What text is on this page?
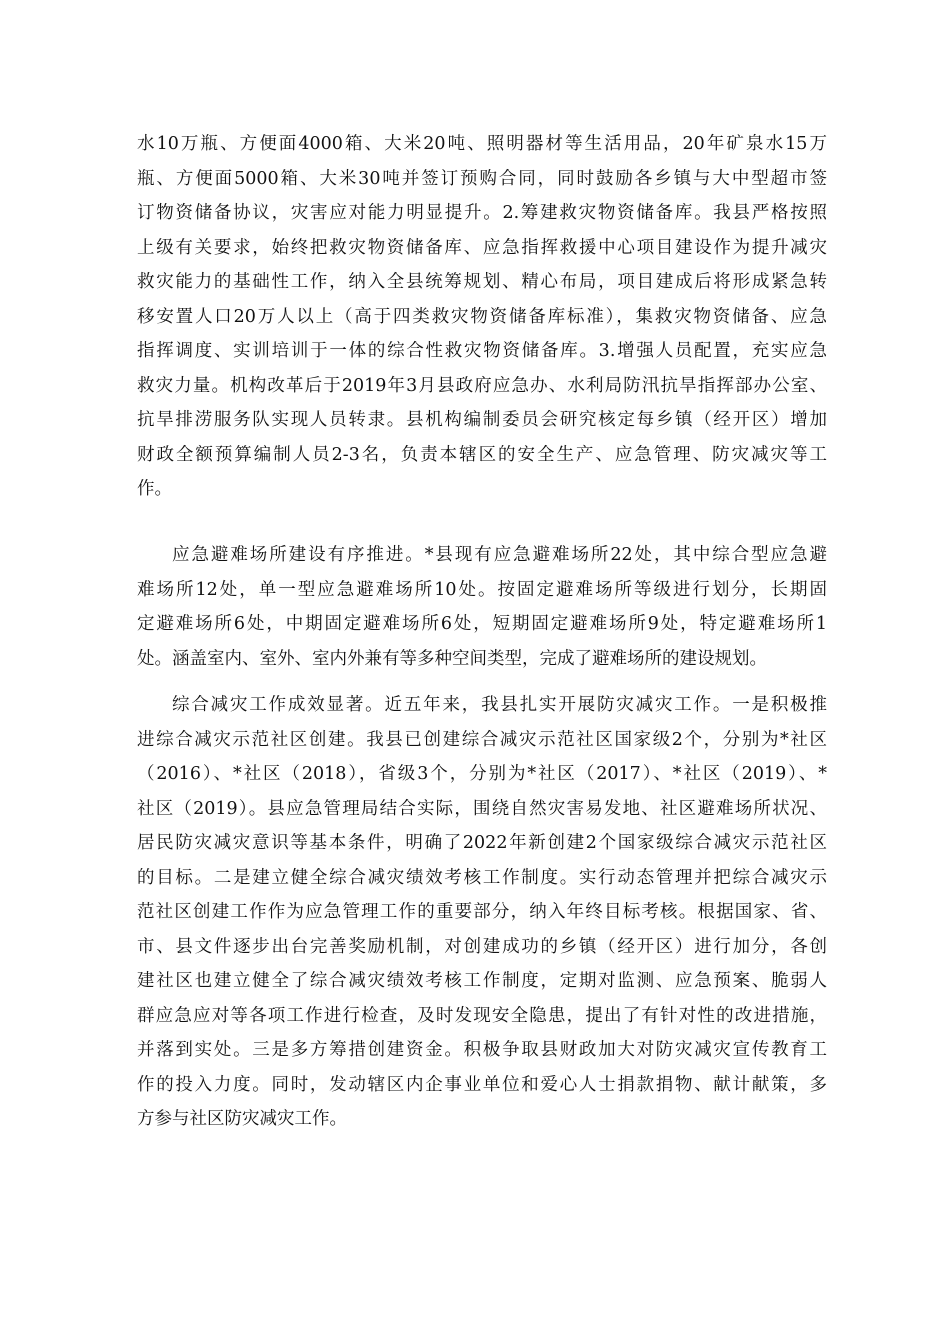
水10万瓶、方便面4000箱、大米20吨、照明器材等生活用品，20年矿泉水15万
瓶、方便面5000箱、大米30吨并签订预购合同，同时鼓励各乡镇与大中型超市签
订物资储备协议，灾害应对能力明显提升。2.筹建救灾物资储备库。我县严格按照
上级有关要求，始终把救灾物资储备库、应急指挥救援中心项目建设作为提升减灾
救灾能力的基础性工作，纳入全县统筹规划、精心布局，项目建成后将形成紧急转
移安置人口20万人以上（高于四类救灾物资储备库标准），集救灾物资储备、应急
指挥调度、实训培训于一体的综合性救灾物资储备库。3.增强人员配置，充实应急
救灾力量。机构改革后于2019年3月县政府应急办、水利局防汛抗旱指挥部办公室、
抗旱排涝服务队实现人员转隶。县机构编制委员会研究核定每乡镇（经开区）增加
财政全额预算编制人员2-3名，负责本辖区的安全生产、应急管理、防灾减灾等工
作。
应急避难场所建设有序推进。*县现有应急避难场所22处，其中综合型应急避
难场所12处，单一型应急避难场所10处。按固定避难场所等级进行划分，长期固
定避难场所6处，中期固定避难场所6处，短期固定避难场所9处，特定避难场所1
处。涵盖室内、室外、室内外兼有等多种空间类型，完成了避难场所的建设规划。
综合减灾工作成效显著。近五年来，我县扎实开展防灾减灾工作。一是积极推
进综合减灾示范社区创建。我县已创建综合减灾示范社区国家级2个，分别为*社区
（2016）、*社区（2018），省级3个，分别为*社区（2017）、*社区（2019）、*
社区（2019）。县应急管理局结合实际，围绕自然灾害易发地、社区避难场所状况、
居民防灾减灾意识等基本条件，明确了2022年新创建2个国家级综合减灾示范社区
的目标。二是建立健全综合减灾绩效考核工作制度。实行动态管理并把综合减灾示
范社区创建工作作为应急管理工作的重要部分，纳入年终目标考核。根据国家、省、
市、县文件逐步出台完善奖励机制，对创建成功的乡镇（经开区）进行加分，各创
建社区也建立健全了综合减灾绩效考核工作制度，定期对监测、应急预案、脆弱人
群应急应对等各项工作进行检查，及时发现安全隐患，提出了有针对性的改进措施，
并落到实处。三是多方筹措创建资金。积极争取县财政加大对防灾减灾宣传教育工
作的投入力度。同时，发动辖区内企事业单位和爱心人士捐款捐物、献计献策，多
方参与社区防灾减灾工作。
